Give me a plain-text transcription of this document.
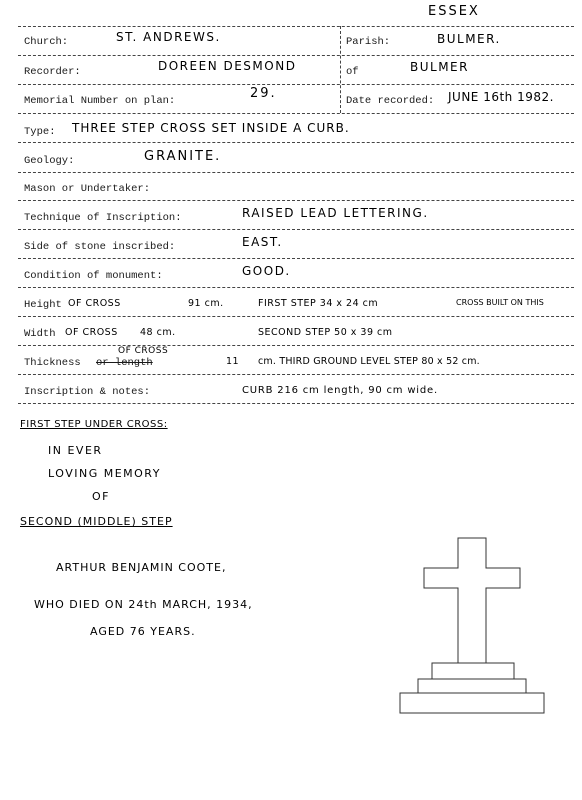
ESSEX
Church:	ST. ANDREWS.	Parish:	BULMER.
Recorder:	DOREEN DESMOND	of	BULMER
Memorial Number on plan:	29.	Date recorded: JUNE 16th 1982.
Type: THREE STEP CROSS SET INSIDE A CURB.
Geology:	GRANITE.
Mason or Undertaker:
Technique of Inscription:	RAISED LEAD LETTERING.
Side of stone inscribed:	EAST.
Condition of monument:	GOOD.
Height OF CROSS	91 cm.	FIRST STEP 34 x 24 cm	CROSS BUILT ON THIS
Width OF CROSS 48 cm.	SECOND STEP 50 x 39 cm
OF CROSS
Thickness or length	11 cm. THIRD GROUND LEVEL STEP 80 x 52 cm.
Inscription & notes:	CURB 216 cm length, 90 cm wide.
FIRST STEP UNDER CROSS:
IN EVER
LOVING MEMORY
OF
SECOND (MIDDLE) STEP
ARTHUR BENJAMIN COOTE,
WHO DIED ON 24th MARCH, 1934,
AGED 76 YEARS.
